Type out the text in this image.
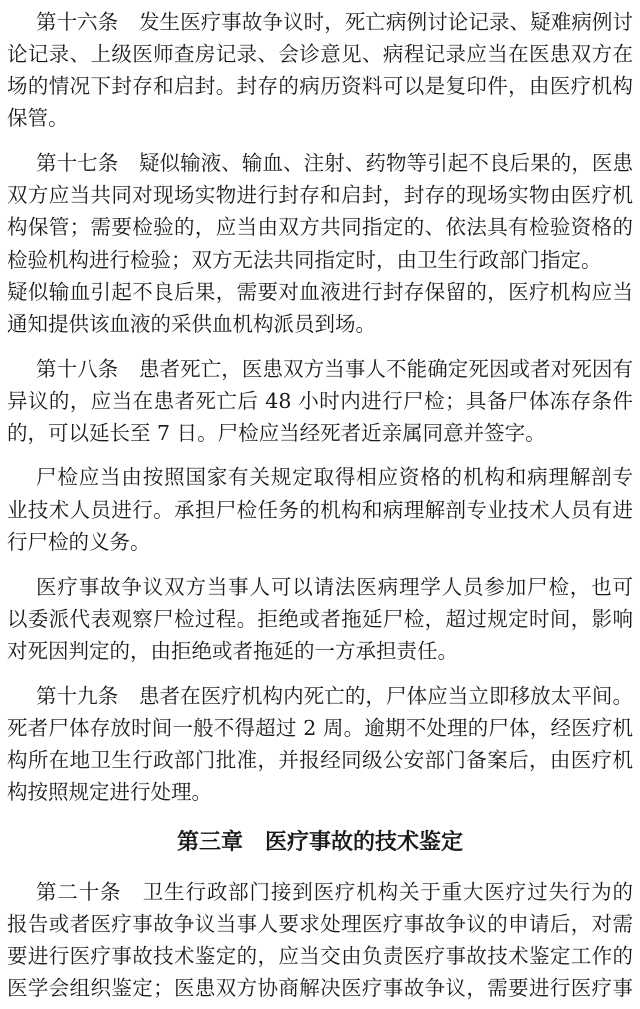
第十六条　发生医疗事故争议时，死亡病例讨论记录、疑难病例讨
论记录、上级医师查房记录、会诊意见、病程记录应当在医患双方在
场的情况下封存和启封。封存的病历资料可以是复印件，由医疗机构
保管。
第十七条　疑似输液、输血、注射、药物等引起不良后果的，医患
双方应当共同对现场实物进行封存和启封，封存的现场实物由医疗机
构保管；需要检验的，应当由双方共同指定的、依法具有检验资格的
检验机构进行检验；双方无法共同指定时，由卫生行政部门指定。
疑似输血引起不良后果，需要对血液进行封存保留的，医疗机构应当
通知提供该血液的采供血机构派员到场。
第十八条　患者死亡，医患双方当事人不能确定死因或者对死因有
异议的，应当在患者死亡后 48 小时内进行尸检；具备尸体冻存条件
的，可以延长至 7 日。尸检应当经死者近亲属同意并签字。
尸检应当由按照国家有关规定取得相应资格的机构和病理解剖专
业技术人员进行。承担尸检任务的机构和病理解剖专业技术人员有进
行尸检的义务。
医疗事故争议双方当事人可以请法医病理学人员参加尸检，也可
以委派代表观察尸检过程。拒绝或者拖延尸检，超过规定时间，影响
对死因判定的，由拒绝或者拖延的一方承担责任。
第十九条　患者在医疗机构内死亡的，尸体应当立即移放太平间。
死者尸体存放时间一般不得超过 2 周。逾期不处理的尸体，经医疗机
构所在地卫生行政部门批准，并报经同级公安部门备案后，由医疗机
构按照规定进行处理。
第三章　医疗事故的技术鉴定
第二十条　卫生行政部门接到医疗机构关于重大医疗过失行为的
报告或者医疗事故争议当事人要求处理医疗事故争议的申请后，对需
要进行医疗事故技术鉴定的，应当交由负责医疗事故技术鉴定工作的
医学会组织鉴定；医患双方协商解决医疗事故争议，需要进行医疗事
